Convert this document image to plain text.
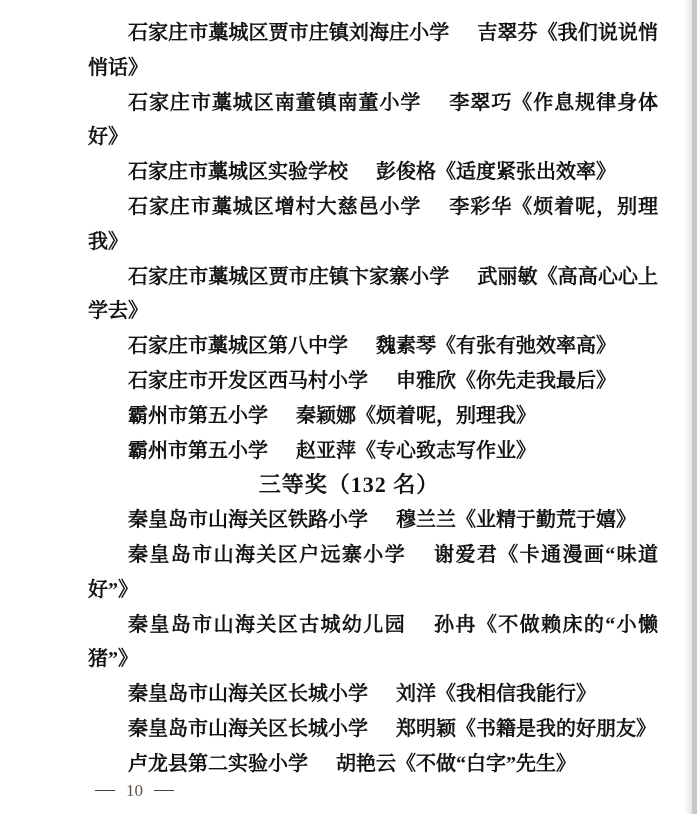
石家庄市藁城区贾市庄镇刘海庄小学 吉翠芬《我们说说悄悄话》

石家庄市藁城区南董镇南董小学 李翠巧《作息规律身体好》

石家庄市藁城区实验学校 彭俊格《适度紧张出效率》

石家庄市藁城区增村大慈邑小学 李彩华《烦着呢，别理我》

石家庄市藁城区贾市庄镇卞家寨小学 武丽敏《高高心心上学去》

石家庄市藁城区第八中学 魏素琴《有张有弛效率高》

石家庄市开发区西马村小学 申雅欣《你先走我最后》

霸州市第五小学 秦颖娜《烦着呢，别理我》

霸州市第五小学 赵亚萍《专心致志写作业》

三等奖（132 名）

秦皇岛市山海关区铁路小学 穆兰兰《业精于勤荒于嬉》

秦皇岛市山海关区户远寨小学 谢爱君《卡通漫画“味道好”》

秦皇岛市山海关区古城幼儿园 孙冉《不做赖床的“小懒猪”》

秦皇岛市山海关区长城小学 刘洋《我相信我能行》

秦皇岛市山海关区长城小学 郑明颖《书籍是我的好朋友》

卢龙县第二实验小学 胡艳云《不做“白字”先生》

— 10 —
